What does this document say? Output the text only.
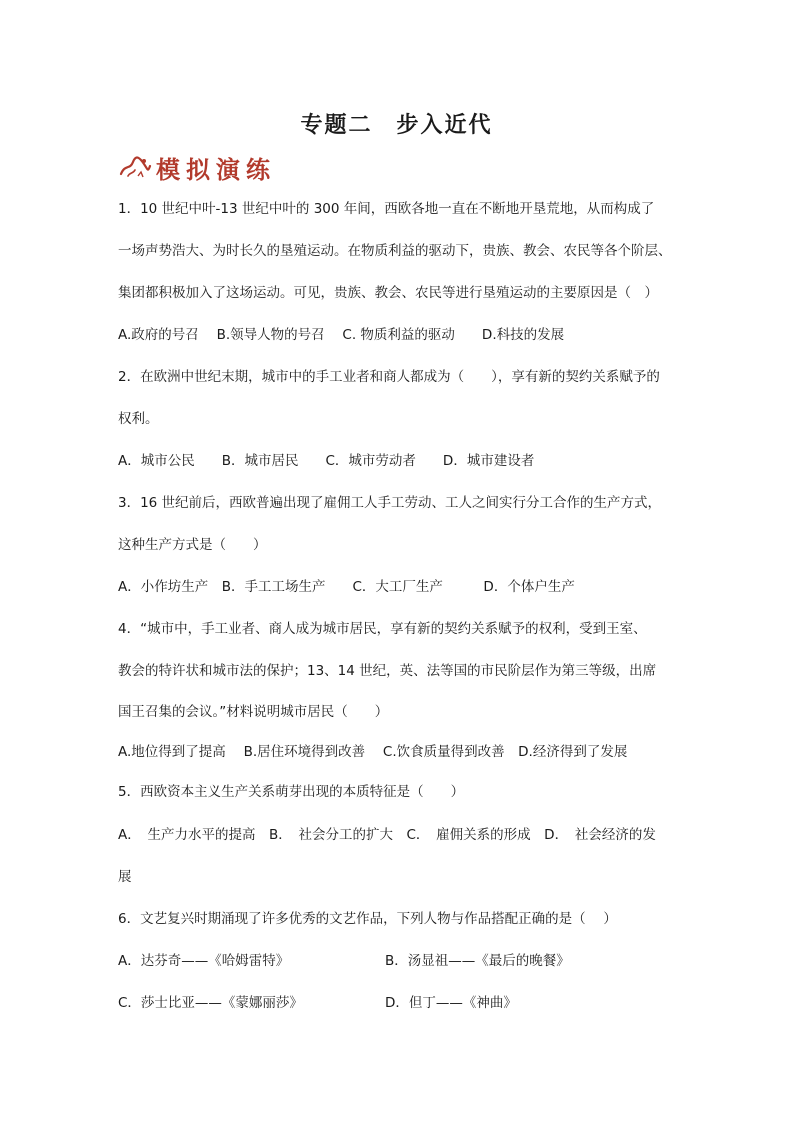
专题二　步入近代
模拟演练
1．10 世纪中叶-13 世纪中叶的 300 年间，西欧各地一直在不断地开垦荒地，从而构成了
一场声势浩大、为时长久的垦殖运动。在物质利益的驱动下，贵族、教会、农民等各个阶层、
集团都积极加入了这场运动。可见，贵族、教会、农民等进行垦殖运动的主要原因是（　）
A.政府的号召　 B.领导人物的号召　 C. 物质利益的驱动　　D.科技的发展
2．在欧洲中世纪末期，城市中的手工业者和商人都成为（　　），享有新的契约关系赋予的
权利。
A．城市公民　　B．城市居民　　C．城市劳动者　　D．城市建设者
3．16 世纪前后，西欧普遍出现了雇佣工人手工劳动、工人之间实行分工合作的生产方式，
这种生产方式是（　　）
A．小作坊生产　B．手工工场生产　　C．大工厂生产　　　D．个体户生产
4．“城市中，手工业者、商人成为城市居民，享有新的契约关系赋予的权利，受到王室、
教会的特许状和城市法的保护；13、14 世纪，英、法等国的市民阶层作为第三等级，出席
国王召集的会议。”材料说明城市居民（　　）
A.地位得到了提高　 B.居住环境得到改善　 C.饮食质量得到改善　D.经济得到了发展
5．西欧资本主义生产关系萌芽出现的本质特征是（　　）
A．　生产力水平的提高　B．　社会分工的扩大　C．　雇佣关系的形成　D．　社会经济的发
展
6．文艺复兴时期涌现了许多优秀的文艺作品，下列人物与作品搭配正确的是（　 ）
A．达芬奇——《哈姆雷特》	B．汤显祖——《最后的晚餐》
C．莎士比亚——《蒙娜丽莎》	D．但丁——《神曲》
